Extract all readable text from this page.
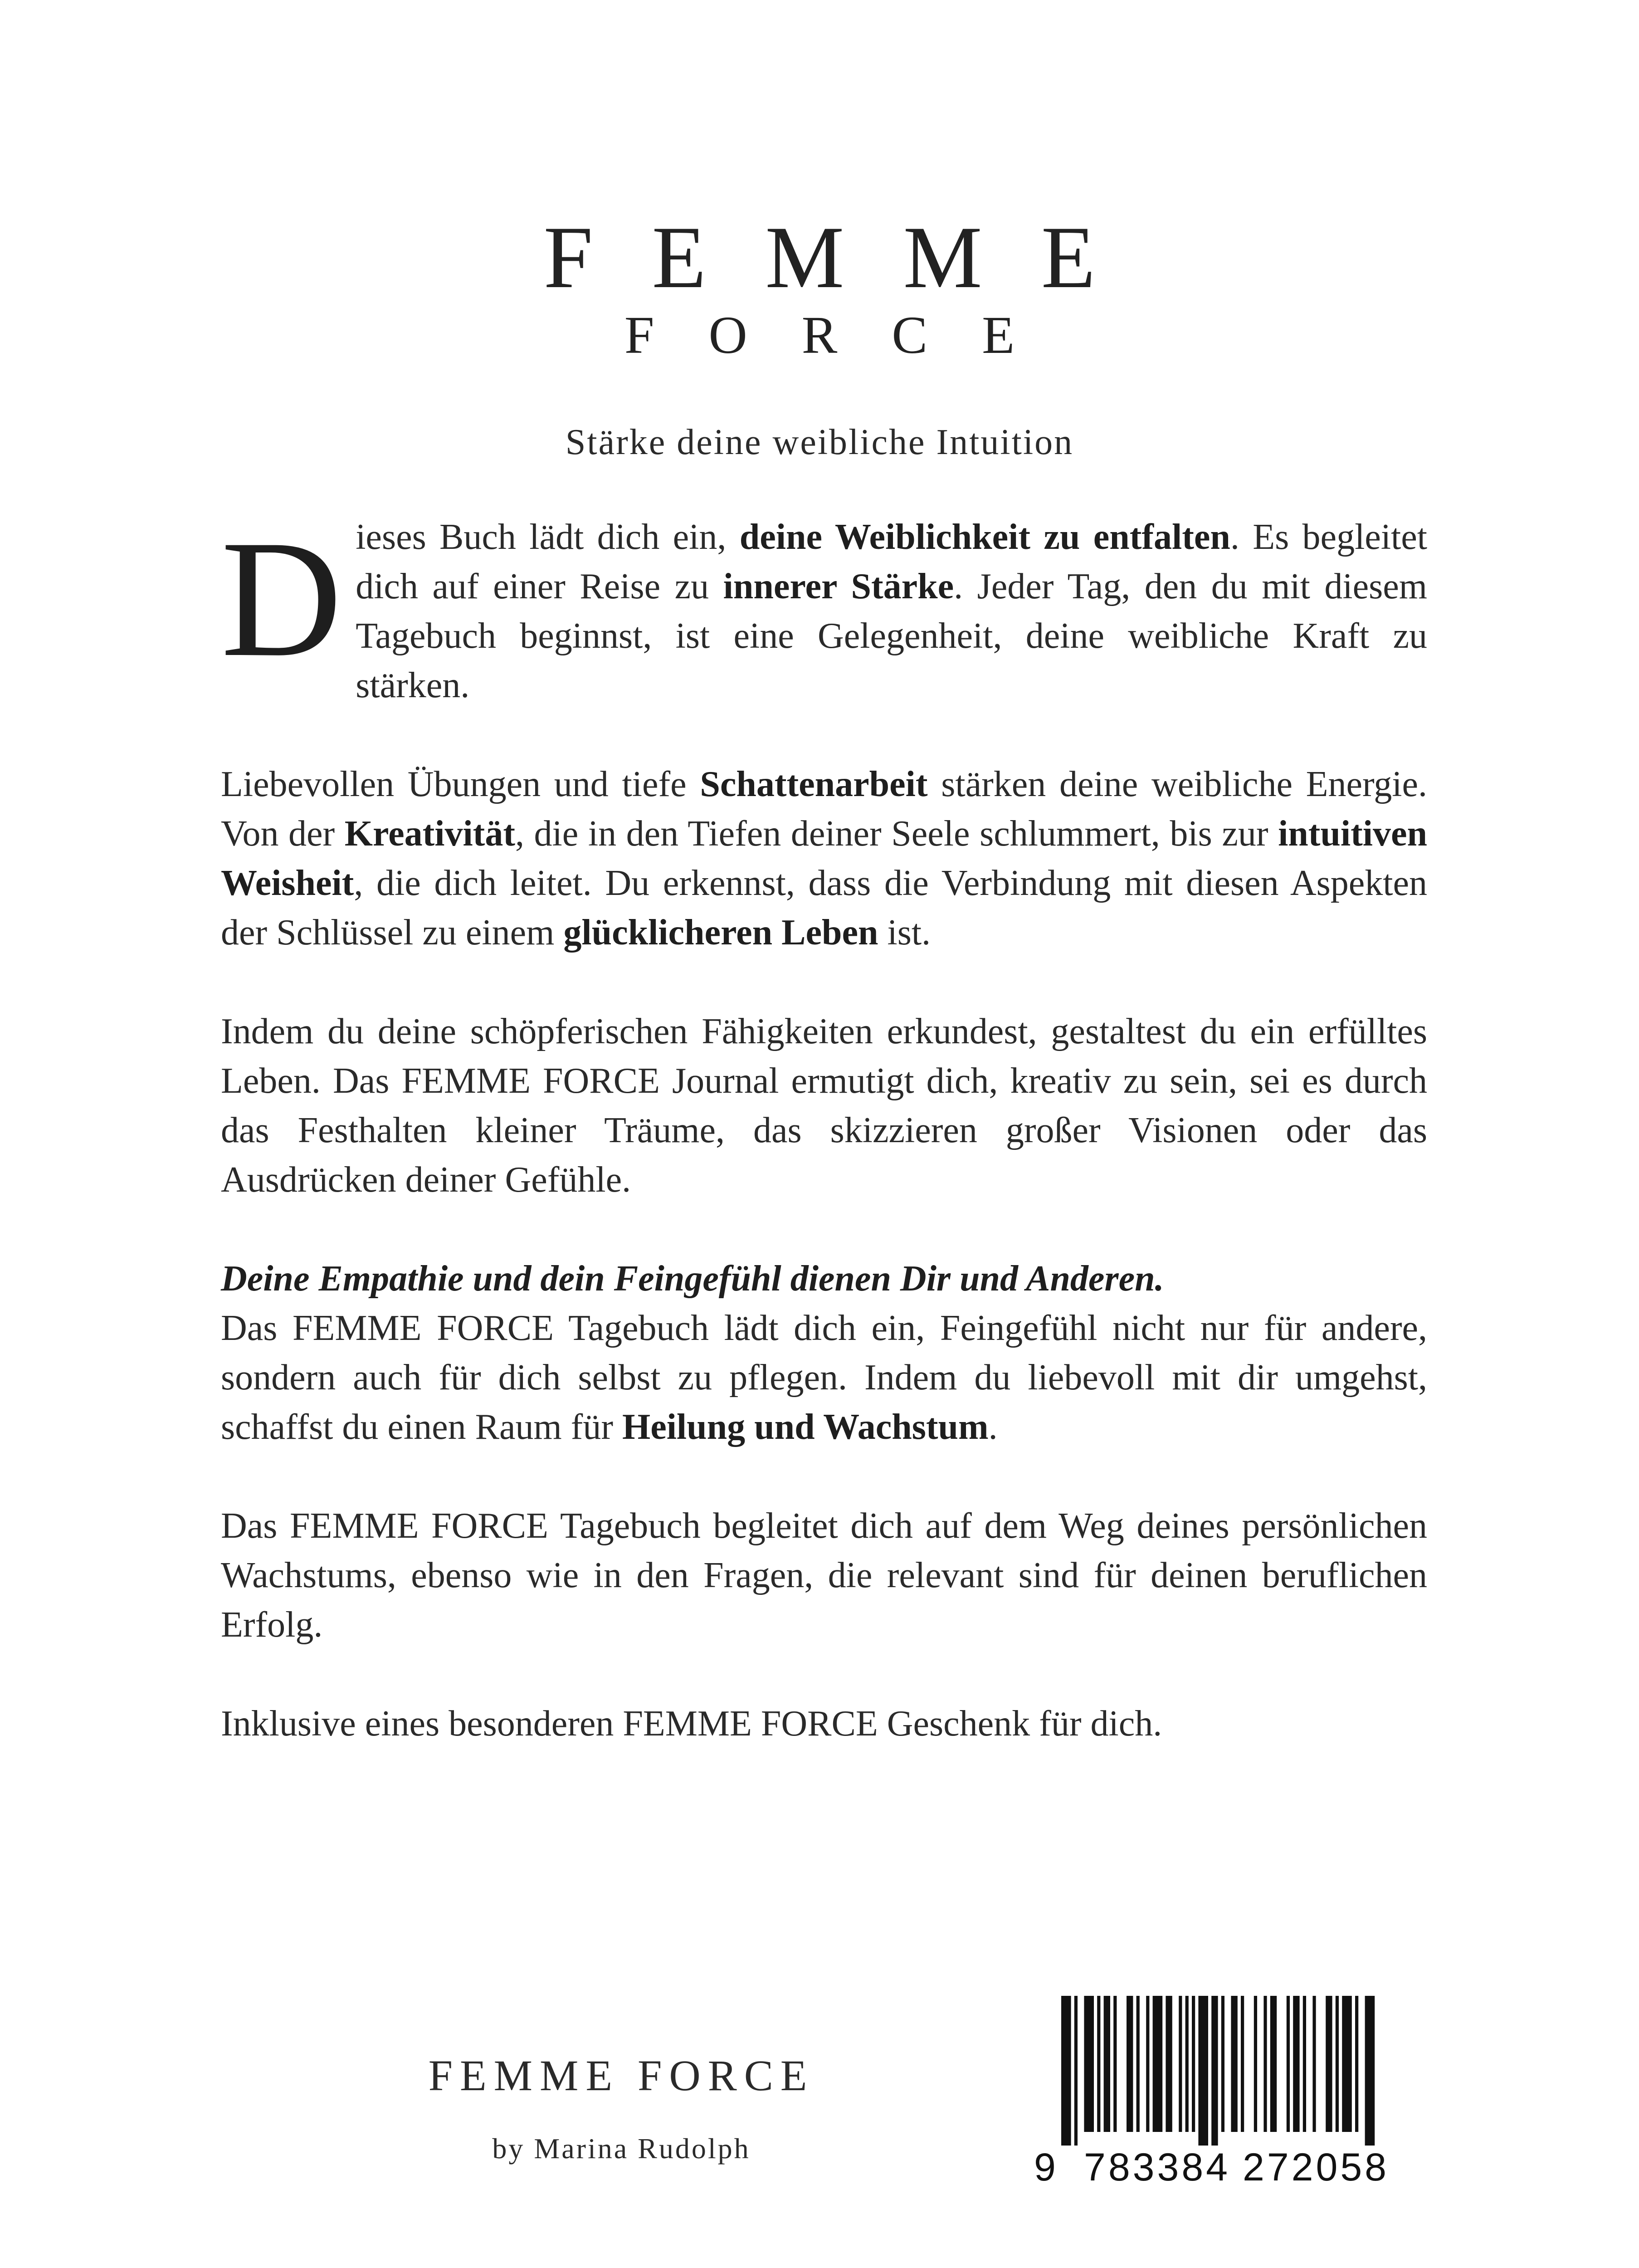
FEMME
FORCE
Stärke deine weibliche Intuition

Dieses Buch lädt dich ein, deine Weiblichkeit zu entfalten. Es begleitet dich auf einer Reise zu innerer Stärke. Jeder Tag, den du mit diesem Tagebuch beginnst, ist eine Gelegenheit, deine weibliche Kraft zu stärken.

Liebevollen Übungen und tiefe Schattenarbeit stärken deine weibliche Energie. Von der Kreativität, die in den Tiefen deiner Seele schlummert, bis zur intuitiven Weisheit, die dich leitet. Du erkennst, dass die Verbindung mit diesen Aspekten der Schlüssel zu einem glücklicheren Leben ist.

Indem du deine schöpferischen Fähigkeiten erkundest, gestaltest du ein erfülltes Leben. Das FEMME FORCE Journal ermutigt dich, kreativ zu sein, sei es durch das Festhalten kleiner Träume, das skizzieren großer Visionen oder das Ausdrücken deiner Gefühle.

Deine Empathie und dein Feingefühl dienen Dir und Anderen.
Das FEMME FORCE Tagebuch lädt dich ein, Feingefühl nicht nur für andere, sondern auch für dich selbst zu pflegen. Indem du liebevoll mit dir umgehst, schaffst du einen Raum für Heilung und Wachstum.

Das FEMME FORCE Tagebuch begleitet dich auf dem Weg deines persönlichen Wachstums, ebenso wie in den Fragen, die relevant sind für deinen beruflichen Erfolg.

Inklusive eines besonderen FEMME FORCE Geschenk für dich.

FEMME FORCE
by Marina Rudolph	9 783384 272058
